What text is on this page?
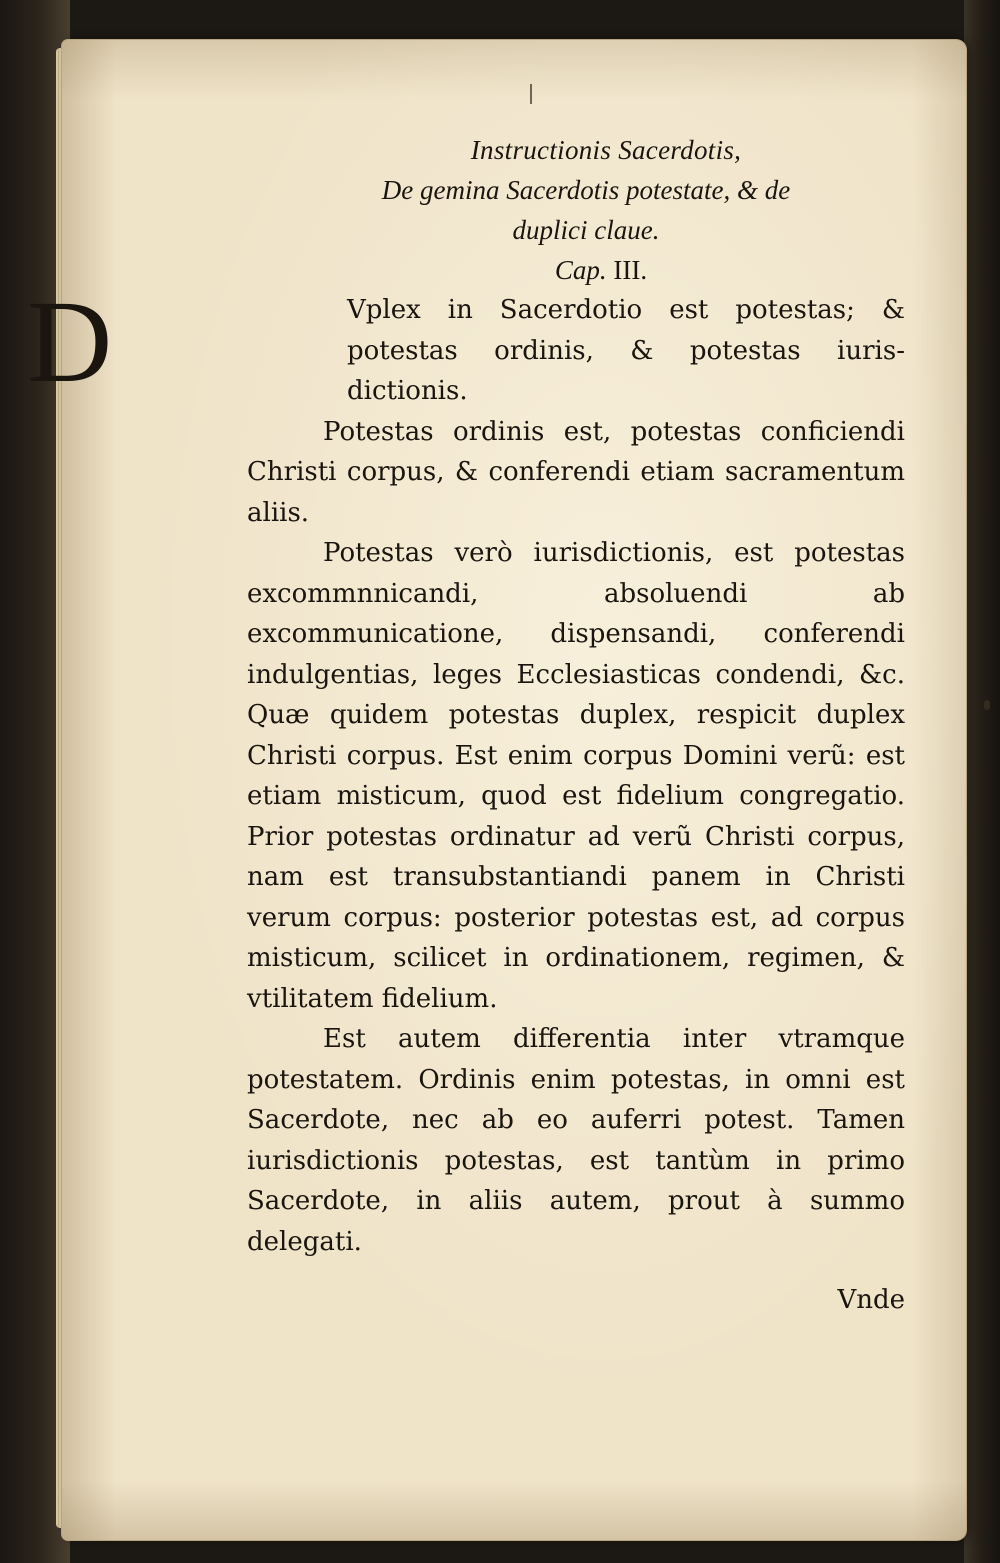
Instructionis Sacerdotis,
De gemina Sacerdotis potestate, & de
duplici claue.
Cap. III.
D	Vplex in Sacerdotio est potestas; & potestas ordinis, & potestas iuris-dictionis.

Potestas ordinis est, potestas conficiendi Christi corpus, & conferendi etiam sacramentum aliis.

Potestas verò iurisdictionis, est potestas excommnnicandi, absoluendi ab excommunicatione, dispensandi, conferendi indulgentias, leges Ecclesiasticas condendi, &c. Quæ quidem potestas duplex, respicit duplex Christi corpus. Est enim corpus Domini verũ: est etiam misticum, quod est fidelium congregatio. Prior potestas ordinatur ad verũ Christi corpus, nam est transubstantiandi panem in Christi verum corpus: posterior potestas est, ad corpus misticum, scilicet in ordinationem, regimen, & vtilitatem fidelium.

Est autem differentia inter vtramque potestatem. Ordinis enim potestas, in omni est Sacerdote, nec ab eo auferri potest. Tamen iurisdictionis potestas, est tantùm in primo Sacerdote, in aliis autem, prout à summo delegati.

Vnde
